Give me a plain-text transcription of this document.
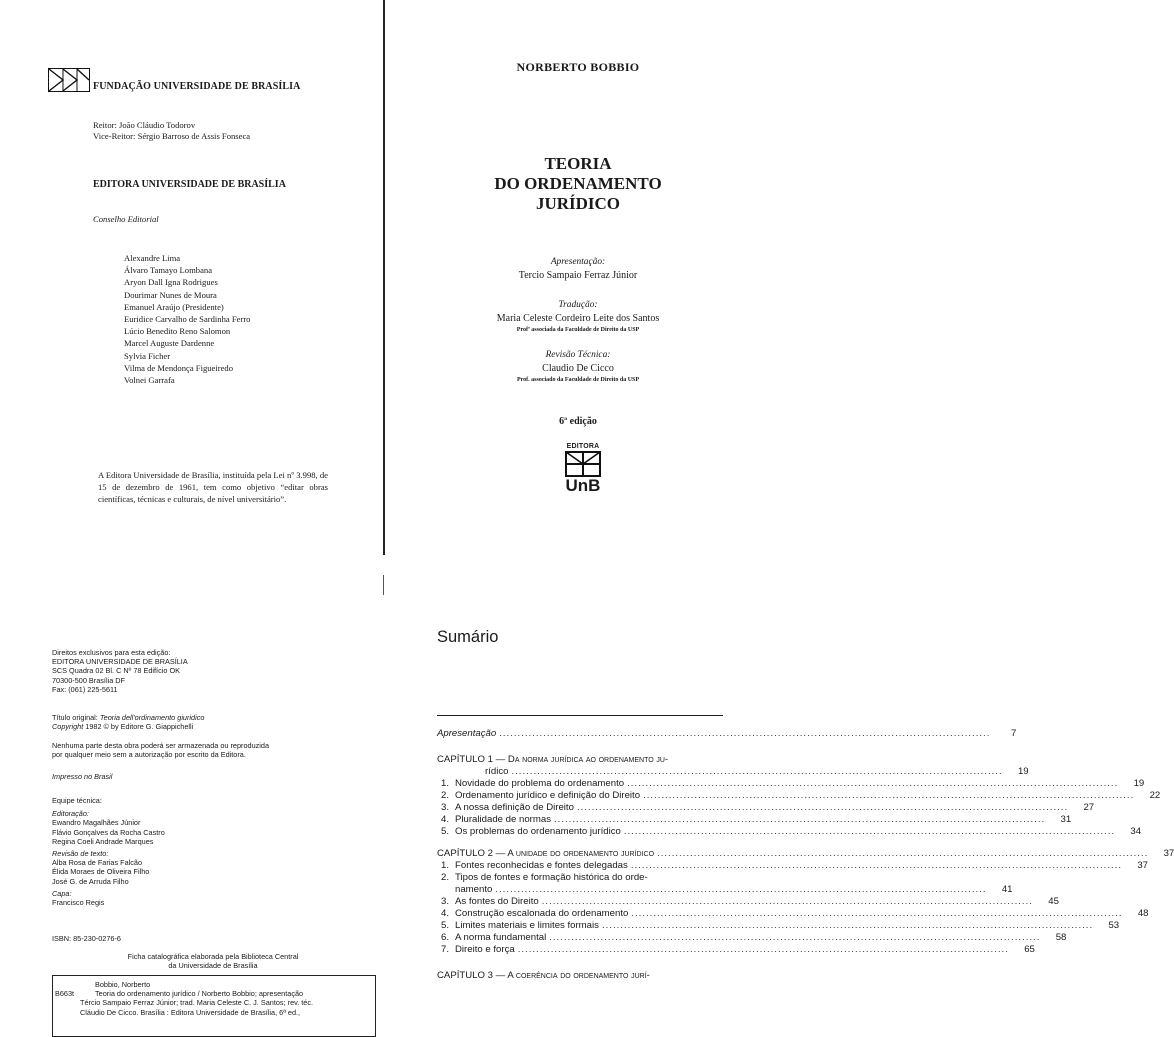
FUNDAÇÃO UNIVERSIDADE DE BRASÍLIA
Reitor: João Cláudio Todorov
Vice-Reitor: Sérgio Barroso de Assis Fonseca
EDITORA UNIVERSIDADE DE BRASÍLIA
Conselho Editorial
Alexandre Lima
Álvaro Tamayo Lombana
Aryon Dall Igna Rodrigues
Dourimar Nunes de Moura
Emanuel Araújo (Presidente)
Euridice Carvalho de Sardinha Ferro
Lúcio Benedito Reno Salomon
Marcel Auguste Dardenne
Sylvia Ficher
Vilma de Mendonça Figueiredo
Volnei Garrafa
A Editora Universidade de Brasília, instituída pela Lei nº 3.998, de 15 de dezembro de 1961, tem como objetivo “editar obras científicas, técnicas e culturais, de nível universitário”.
NORBERTO BOBBIO
TEORIA
DO ORDENAMENTO
JURÍDICO
Apresentação:
Tercio Sampaio Ferraz Júnior
Tradução:
Maria Celeste Cordeiro Leite dos Santos
Profª associada da Faculdade de Direito da USP
Revisão Técnica:
Claudio De Cicco
Prof. associado da Faculdade de Direito da USP
6ª edição
EDITORA
UnB
Direitos exclusivos para esta edição:
EDITORA UNIVERSIDADE DE BRASÍLIA
SCS Quadra 02 Bl. C Nº 78 Edifício OK
70300-500 Brasília DF
Fax: (061) 225-5611
Título original: Teoria dell'ordinamento giuridico
Copyright 1982 © by Editore G. Giappichelli
Nenhuma parte desta obra poderá ser armazenada ou reproduzida
por qualquer meio sem a autorização por escrito da Editora.
Impresso no Brasil
Equipe técnica:
Editoração:
Ewandro Magalhães Júnior
Flávio Gonçalves da Rocha Castro
Regina Coeli Andrade Marques
Revisão de texto:
Alba Rosa de Farias Falcão
Élida Moraes de Oliveira Filho
José G. de Arruda Filho
Capa:
Francisco Regis
ISBN: 85-230-0276-6
Ficha catalográfica elaborada pela Biblioteca Central
da Universidade de Brasília
B663t
Bobbio, Norberto
Teoria do ordenamento jurídico / Norberto Bobbio; apresentação
Tércio Sampaio Ferraz Júnior; trad. Maria Celeste C. J. Santos; rev. téc.
Cláudio De Cicco. Brasília : Editora Universidade de Brasília, 6ª ed.,
Sumário
Apresentação .....	7
CAPÍTULO 1 — Da norma jurídica ao ordenamento ju-
rídico .....	19
1. Novidade do problema do ordenamento .....	19
2. Ordenamento jurídico e definição do Direito .....	22
3. A nossa definição de Direito .....	27
4. Pluralidade de normas .....	31
5. Os problemas do ordenamento jurídico .....	34
CAPÍTULO 2 — A unidade do ordenamento jurídico .....	37
1. Fontes reconhecidas e fontes delegadas .....	37
2. Tipos de fontes e formação histórica do orde-
namento .....	41
3. As fontes do Direito .....	45
4. Construção escalonada do ordenamento .....	48
5. Limites materiais e limites formais .....	53
6. A norma fundamental .....	58
7. Direito e força .....	65
CAPÍTULO 3 — A coerência do ordenamento jurí-
